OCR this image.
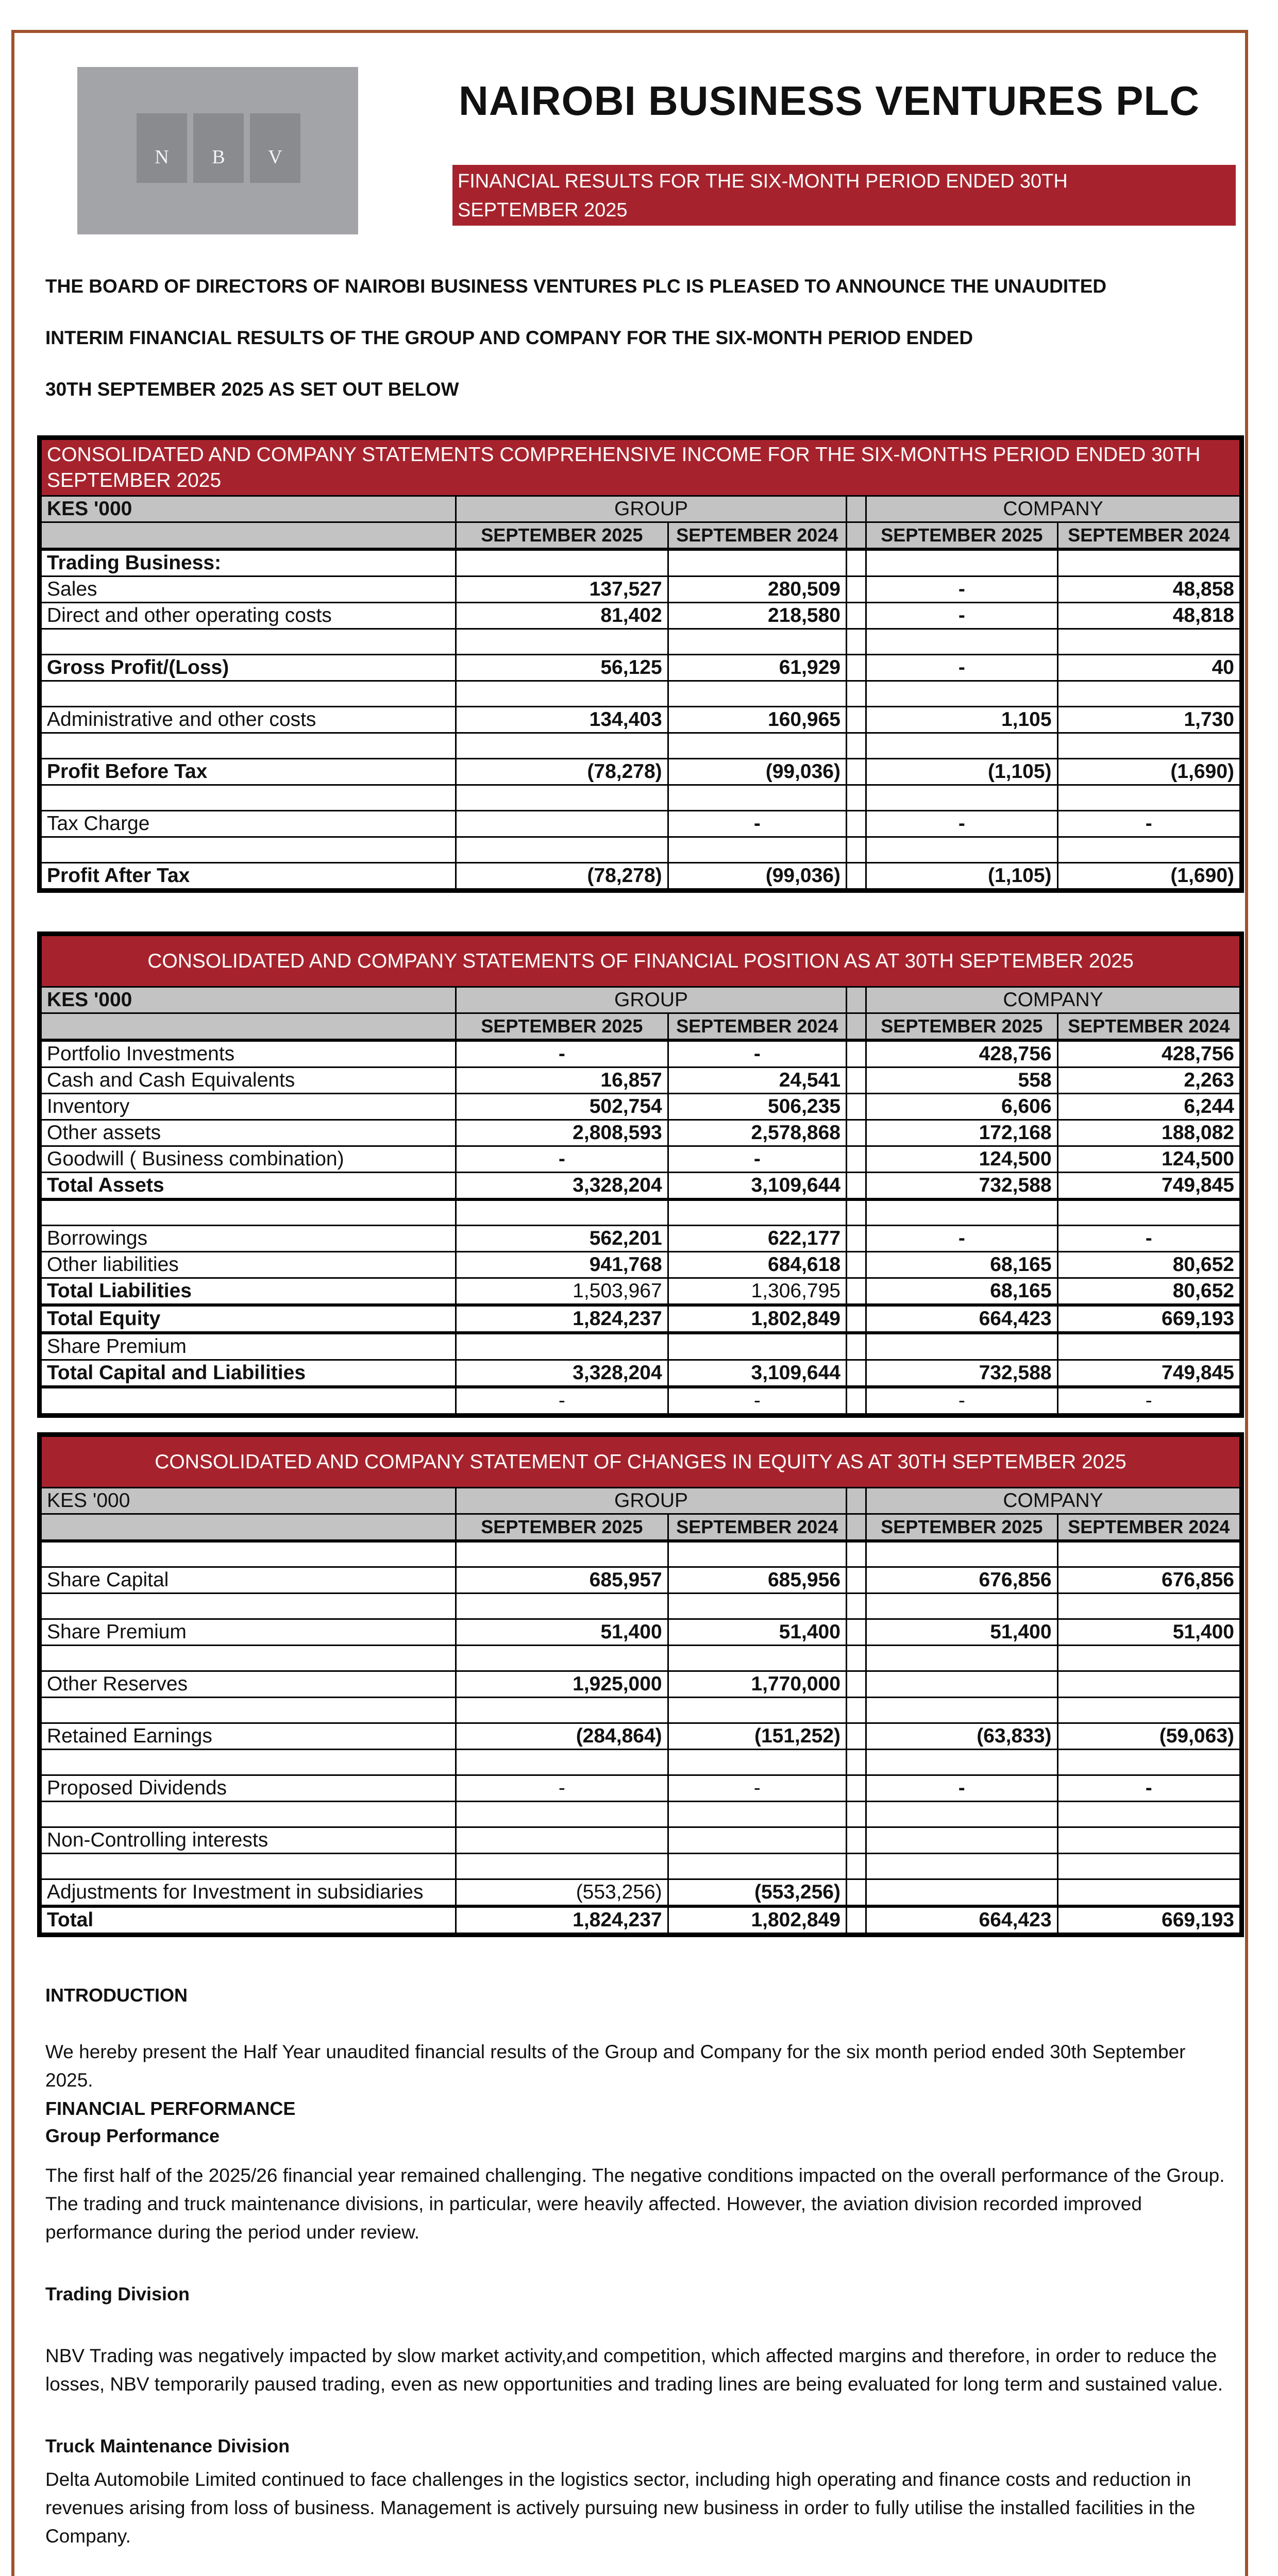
N	B	V
NAIROBI BUSINESS VENTURES PLC
FINANCIAL RESULTS FOR THE SIX-MONTH PERIOD ENDED 30TH
SEPTEMBER 2025
THE BOARD OF DIRECTORS OF NAIROBI BUSINESS VENTURES PLC IS PLEASED TO ANNOUNCE THE UNAUDITED
INTERIM FINANCIAL RESULTS OF THE GROUP AND COMPANY FOR THE SIX-MONTH PERIOD ENDED
30TH SEPTEMBER 2025 AS SET OUT BELOW
CONSOLIDATED AND COMPANY STATEMENTS COMPREHENSIVE INCOME FOR THE SIX-MONTHS PERIOD ENDED 30TH SEPTEMBER 2025					
KES '000	GROUP			COMPANY	
	SEPTEMBER 2025	SEPTEMBER 2024		SEPTEMBER 2025	SEPTEMBER 2024
Trading Business:					
Sales	137,527	280,509		-	48,858
Direct and other operating costs	81,402	218,580		-	48,818

Gross Profit/(Loss)	56,125	61,929		-	40

Administrative and other costs	134,403	160,965		1,105	1,730

Profit Before Tax	(78,278)	(99,036)		(1,105)	(1,690)

Tax Charge		-		-	-

Profit After Tax	(78,278)	(99,036)		(1,105)	(1,690)
CONSOLIDATED AND COMPANY STATEMENTS OF FINANCIAL POSITION AS AT 30TH SEPTEMBER 2025					
KES '000	GROUP			COMPANY	
	SEPTEMBER 2025	SEPTEMBER 2024		SEPTEMBER 2025	SEPTEMBER 2024
Portfolio Investments	-	-		428,756	428,756
Cash and Cash Equivalents	16,857	24,541		558	2,263
Inventory	502,754	506,235		6,606	6,244
Other assets	2,808,593	2,578,868		172,168	188,082
Goodwill ( Business combination)	-	-		124,500	124,500
Total Assets	3,328,204	3,109,644		732,588	749,845

Borrowings	562,201	622,177		-	-
Other liabilities	941,768	684,618		68,165	80,652
Total Liabilities	1,503,967	1,306,795		68,165	80,652
Total Equity	1,824,237	1,802,849		664,423	669,193
Share Premium					
Total Capital and Liabilities	3,328,204	3,109,644		732,588	749,845
	-	-		-	-
CONSOLIDATED AND COMPANY STATEMENT OF CHANGES IN EQUITY AS AT 30TH SEPTEMBER 2025					
KES '000	GROUP			COMPANY	
	SEPTEMBER 2025	SEPTEMBER 2024		SEPTEMBER 2025	SEPTEMBER 2024

Share Capital	685,957	685,956		676,856	676,856

Share Premium	51,400	51,400		51,400	51,400

Other Reserves	1,925,000	1,770,000			

Retained Earnings	(284,864)	(151,252)		(63,833)	(59,063)

Proposed Dividends	-	-		-	-

Non-Controlling interests					

Adjustments for Investment in subsidiaries	(553,256)	(553,256)			
Total	1,824,237	1,802,849		664,423	669,193
INTRODUCTION
We hereby present the Half Year unaudited financial results of the Group and Company for the six month period ended 30th September 2025.
FINANCIAL PERFORMANCE
Group Performance
The first half of the 2025/26 financial year remained challenging. The negative conditions impacted on the overall performance of the Group. The trading and truck maintenance divisions, in particular, were heavily affected. However, the aviation division recorded improved performance during the period under review.
Trading Division
NBV Trading was negatively impacted by slow market activity,and competition, which affected margins and therefore, in order to reduce the losses, NBV temporarily paused trading, even as new opportunities and trading lines are being evaluated for long term and sustained value.
Truck Maintenance Division
Delta Automobile Limited continued to face challenges in the logistics sector, including high operating and finance costs and reduction in revenues arising from loss of business. Management is actively pursuing new business in order to fully utilise the installed facilities in the Company.
